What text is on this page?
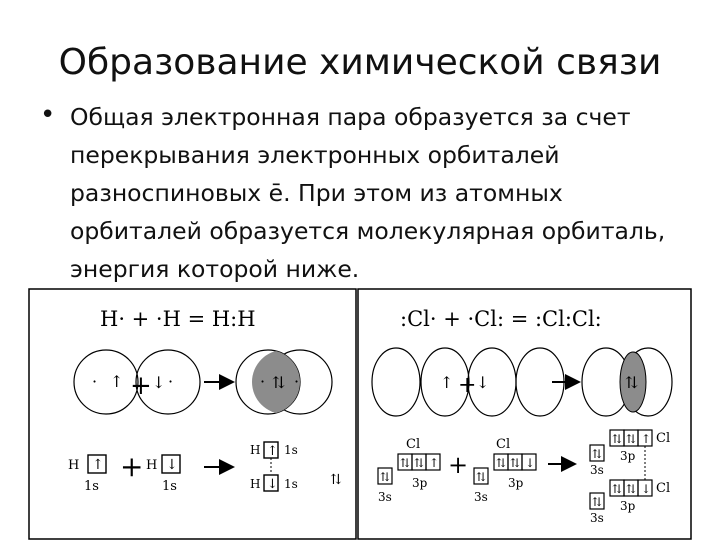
Образование химической связи
• Общая электронная пара образуется за счет перекрывания электронных орбиталей разноспиновых ē. При этом из атомных орбиталей образуется молекулярная орбиталь, энергия которой ниже.
H· + ·H = H:H	:Cl· + ·Cl: = :Cl:Cl:
· ↑ + ↓ ·	· ⇅ ·
H ↑
1s
+ H ↓
1s
H ↑ 1s
H ↓ 1s ⇅
↑ + ↓	⇅
Cl
⇅
3s
⇅ ⇅ ↑
3p
+
Cl
⇅
3s
⇅ ⇅ ↓
3p
⇅
3s
⇅ ⇅ ↑ Cl
3p
⇅
3s
⇅ ⇅ ↓ Cl
3p
